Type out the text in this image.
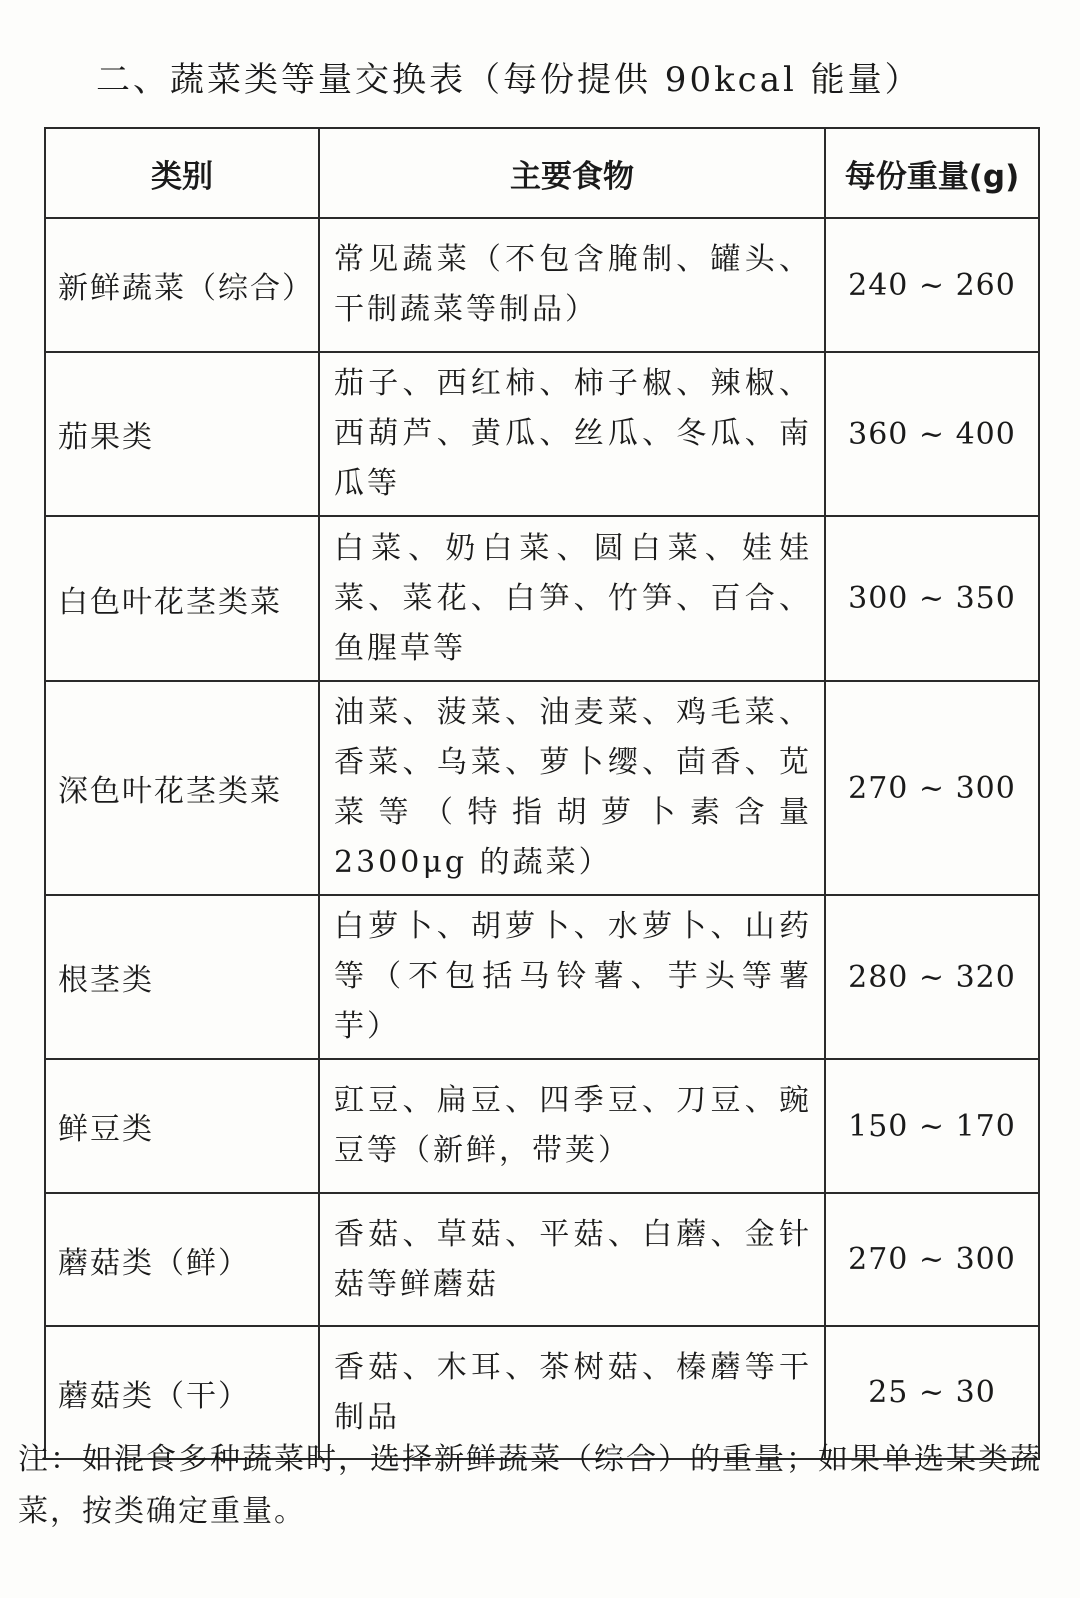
二、蔬菜类等量交换表（每份提供 90kcal 能量）
类别	主要食物	每份重量(g)
新鲜蔬菜（综合）	常见蔬菜（不包含腌制、罐头、干制蔬菜等制品）	240 ~ 260
茄果类	茄子、西红柿、柿子椒、辣椒、西葫芦、黄瓜、丝瓜、冬瓜、南瓜等	360 ~ 400
白色叶花茎类菜	白菜、奶白菜、圆白菜、娃娃菜、菜花、白笋、竹笋、百合、鱼腥草等	300 ~ 350
深色叶花茎类菜	油菜、菠菜、油麦菜、鸡毛菜、香菜、乌菜、萝卜缨、茴香、苋菜等（特指胡萝卜素含量 2300μg 的蔬菜）	270 ~ 300
根茎类	白萝卜、胡萝卜、水萝卜、山药等（不包括马铃薯、芋头等薯芋）	280 ~ 320
鲜豆类	豇豆、扁豆、四季豆、刀豆、豌豆等（新鲜，带荚）	150 ~ 170
蘑菇类（鲜）	香菇、草菇、平菇、白蘑、金针菇等鲜蘑菇	270 ~ 300
蘑菇类（干）	香菇、木耳、茶树菇、榛蘑等干制品	25 ~ 30
注：如混食多种蔬菜时，选择新鲜蔬菜（综合）的重量；如果单选某类蔬菜，按类确定重量。
